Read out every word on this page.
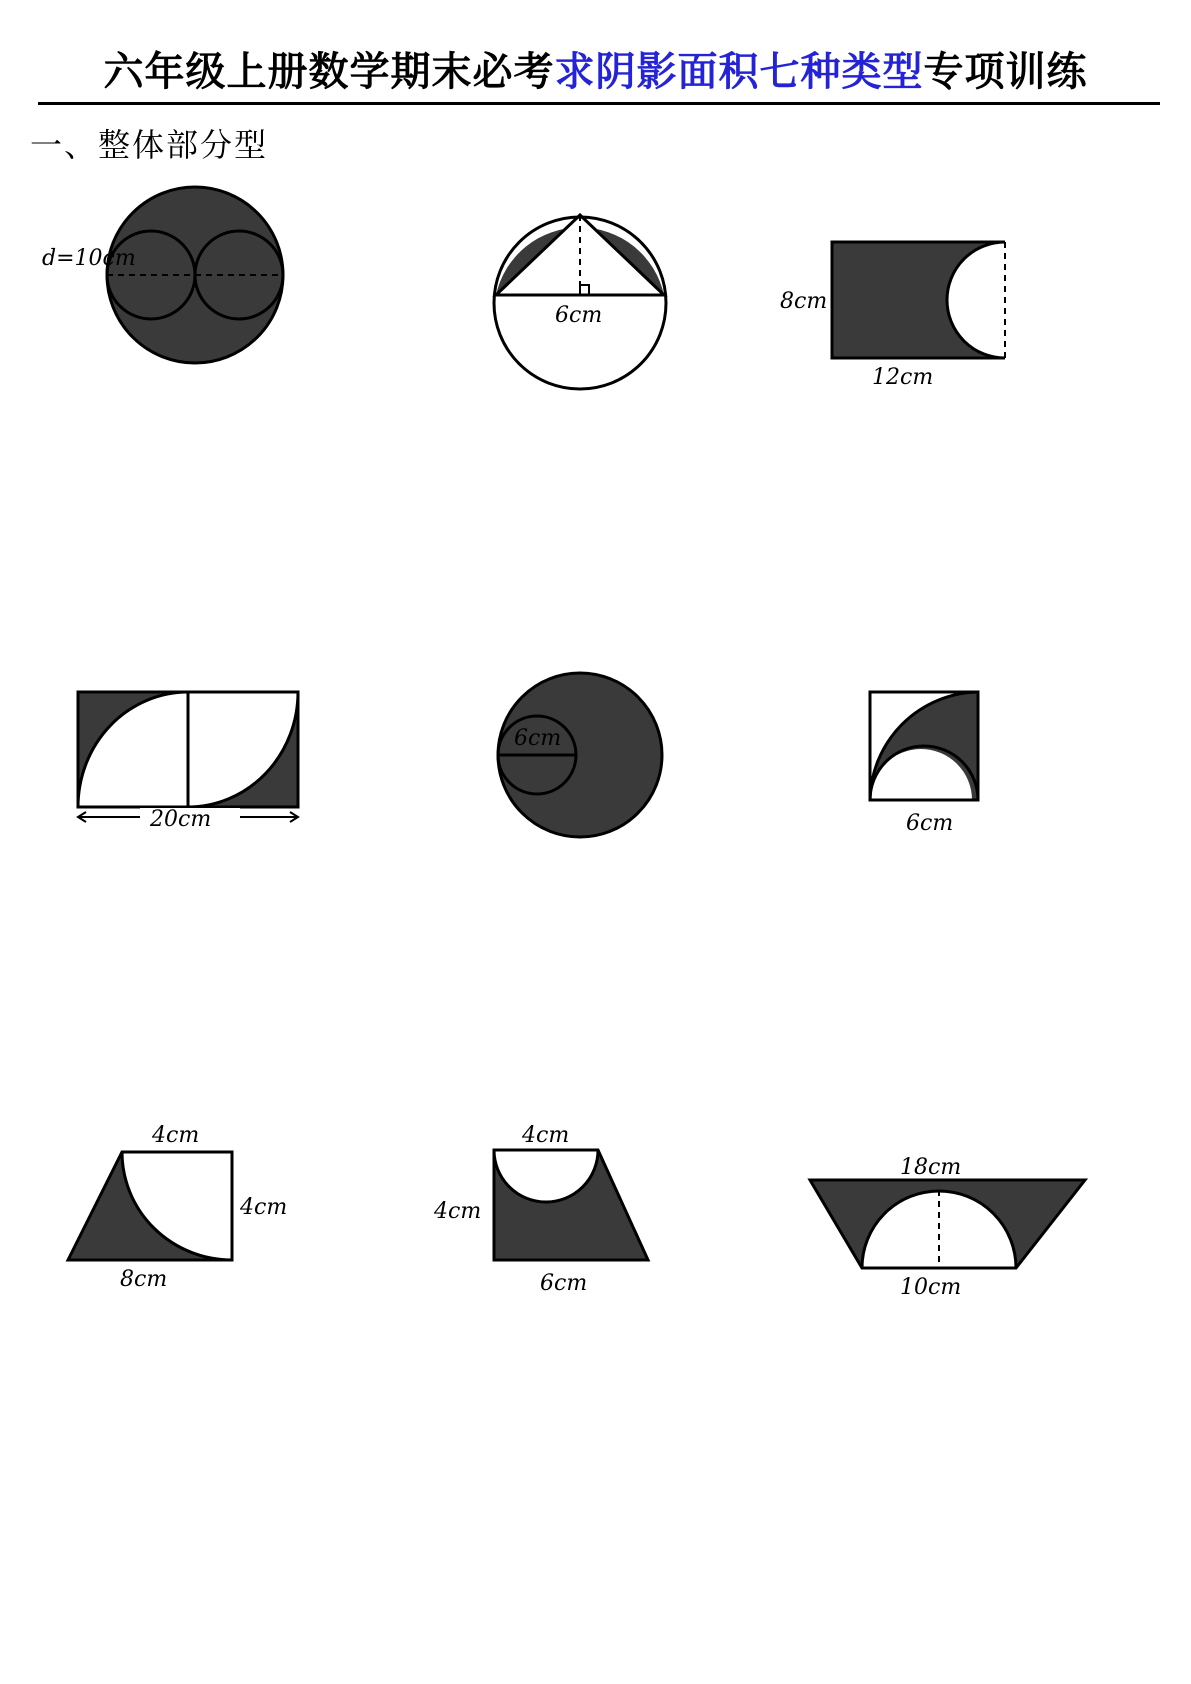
六年级上册数学期末必考求阴影面积七种类型专项训练
一、整体部分型
d=10cm
6cm
8cm
12cm
20cm
6cm
6cm
4cm
4cm
8cm
4cm
4cm
6cm
18cm
10cm
